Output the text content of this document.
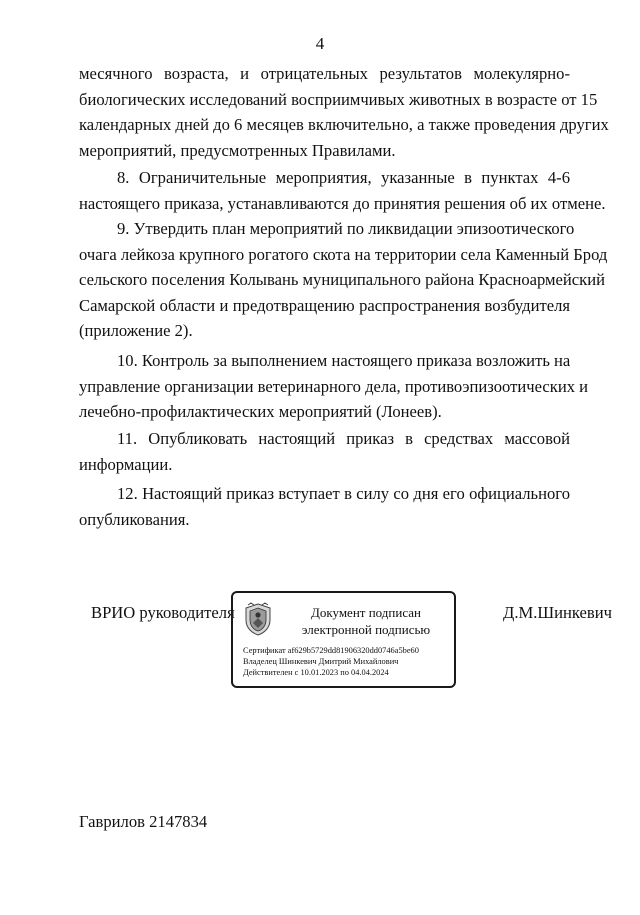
4
месячного возраста, и отрицательных результатов молекулярно-
биологических исследований восприимчивых животных в возрасте от 15
календарных дней до 6 месяцев включительно, а также проведения других
мероприятий, предусмотренных Правилами.
8. Ограничительные мероприятия, указанные в пунктах 4-6
настоящего приказа, устанавливаются до принятия решения об их отмене.
9. Утвердить план мероприятий по ликвидации эпизоотического
очага лейкоза крупного рогатого скота на территории села Каменный Брод
сельского поселения Колывань муниципального района Красноармейский
Самарской области и предотвращению распространения возбудителя
(приложение 2).
10. Контроль за выполнением настоящего приказа возложить на
управление организации ветеринарного дела, противоэпизоотических и
лечебно-профилактических мероприятий (Лонеев).
11. Опубликовать настоящий приказ в средствах массовой
информации.
12. Настоящий приказ вступает в силу со дня его официального
опубликования.
ВРИО руководителя	Документ подписан
электронной подписью
Сертификат af629b5729dd81906320dd0746a5be60
Владелец Шинкевич Дмитрий Михайлович
Действителен с 10.01.2023 по 04.04.2024
Д.М.Шинкевич
Гаврилов 2147834
